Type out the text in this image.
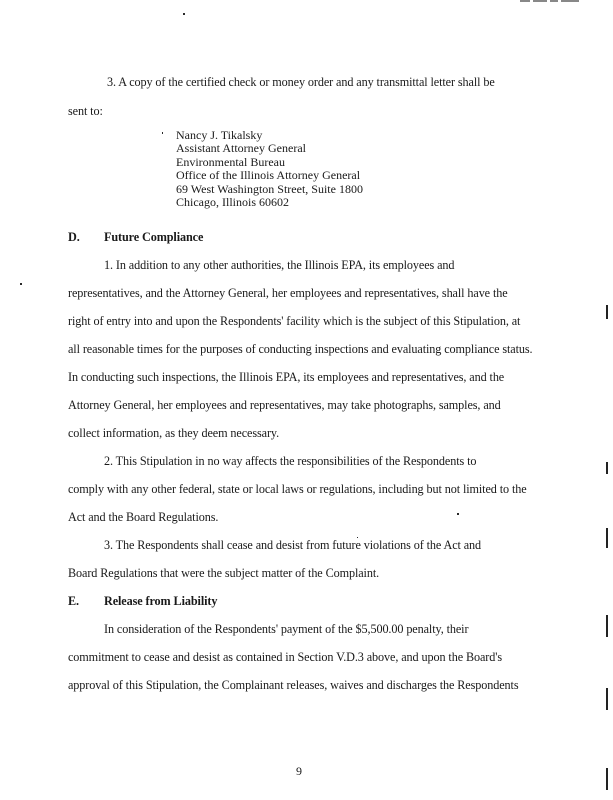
3. A copy of the certified check or money order and any transmittal letter shall be
sent to:
Nancy J. Tikalsky
Assistant Attorney General
Environmental Bureau
Office of the Illinois Attorney General
69 West Washington Street, Suite 1800
Chicago, Illinois 60602
D. Future Compliance
1. In addition to any other authorities, the Illinois EPA, its employees and
representatives, and the Attorney General, her employees and representatives, shall have the
right of entry into and upon the Respondents' facility which is the subject of this Stipulation, at
all reasonable times for the purposes of conducting inspections and evaluating compliance status.
In conducting such inspections, the Illinois EPA, its employees and representatives, and the
Attorney General, her employees and representatives, may take photographs, samples, and
collect information, as they deem necessary.
2. This Stipulation in no way affects the responsibilities of the Respondents to
comply with any other federal, state or local laws or regulations, including but not limited to the
Act and the Board Regulations.
3. The Respondents shall cease and desist from future violations of the Act and
Board Regulations that were the subject matter of the Complaint.
E. Release from Liability
In consideration of the Respondents' payment of the $5,500.00 penalty, their
commitment to cease and desist as contained in Section V.D.3 above, and upon the Board's
approval of this Stipulation, the Complainant releases, waives and discharges the Respondents
9
